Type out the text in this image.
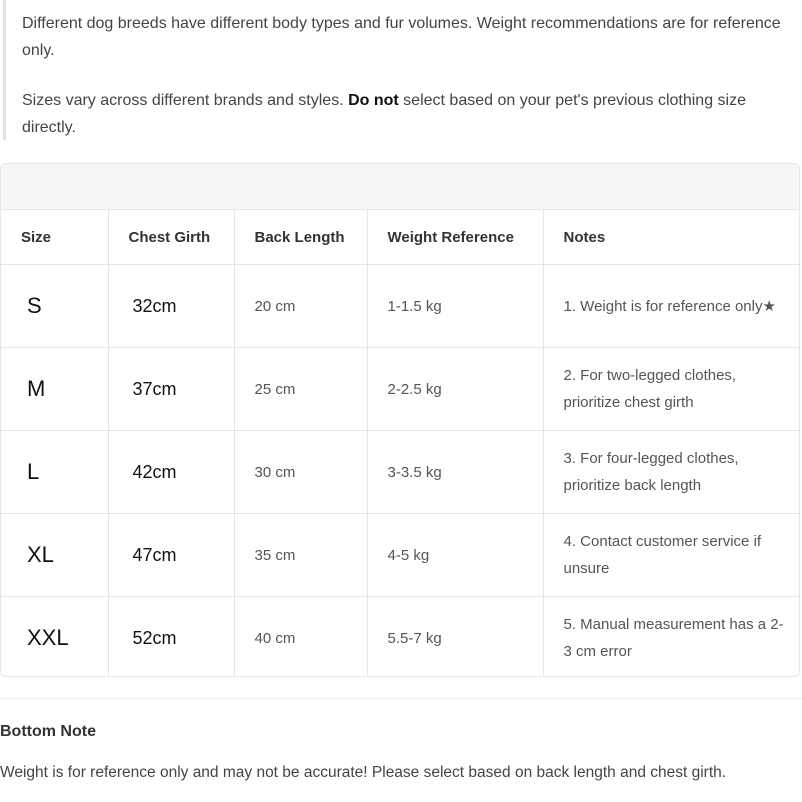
Different dog breeds have different body types and fur volumes. Weight recommendations are for reference only.

Sizes vary across different brands and styles. Do not select based on your pet's previous clothing size directly.

Size	Chest Girth	Back Length	Weight Reference	Notes
S	32cm	20 cm	1-1.5 kg	1. Weight is for reference only★
M	37cm	25 cm	2-2.5 kg	2. For two-legged clothes, prioritize chest girth
L	42cm	30 cm	3-3.5 kg	3. For four-legged clothes, prioritize back length
XL	47cm	35 cm	4-5 kg	4. Contact customer service if unsure
XXL	52cm	40 cm	5.5-7 kg	5. Manual measurement has a 2-3 cm error
Bottom Note
Weight is for reference only and may not be accurate! Please select based on back length and chest girth.
